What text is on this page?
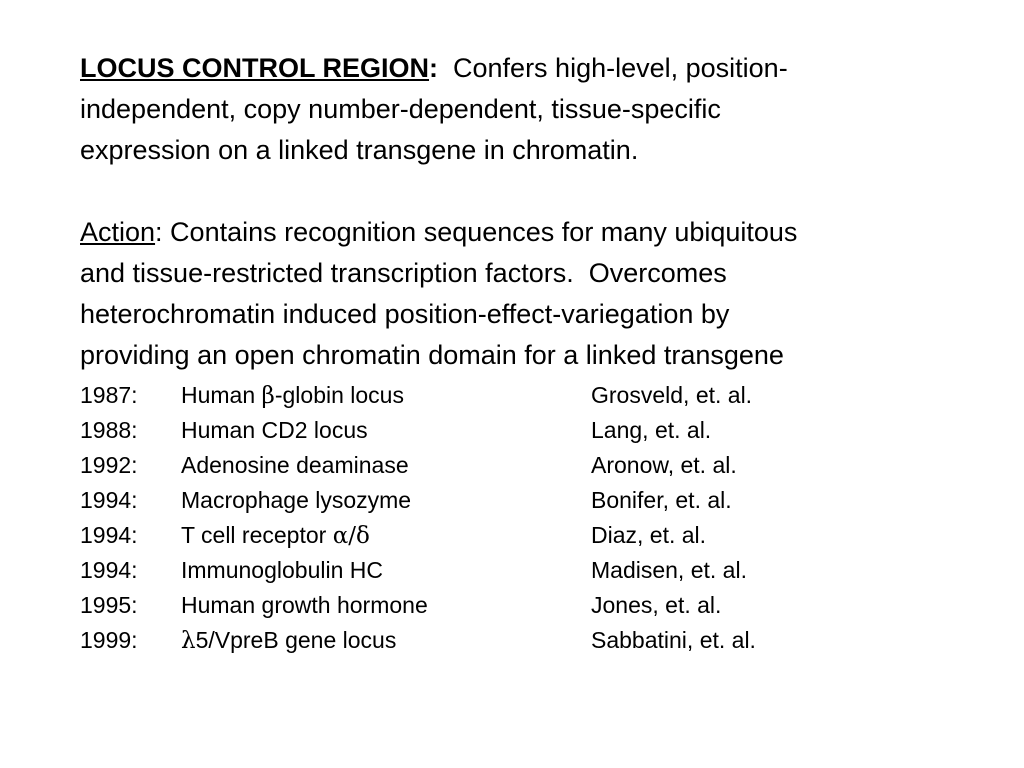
LOCUS CONTROL REGION:  Confers high-level, position-
independent, copy number-dependent, tissue-specific
expression on a linked transgene in chromatin.
Action: Contains recognition sequences for many ubiquitous
and tissue-restricted transcription factors.  Overcomes
heterochromatin induced position-effect-variegation by
providing an open chromatin domain for a linked transgene
1987:	Human β-globin locus	Grosveld, et. al.
1988:	Human CD2 locus	Lang, et. al.
1992:	Adenosine deaminase	Aronow, et. al.
1994:	Macrophage lysozyme	Bonifer, et. al.
1994:	T cell receptor α/δ	Diaz, et. al.
1994:	Immunoglobulin HC	Madisen, et. al.
1995:	Human growth hormone	Jones, et. al.
1999:	λ5/VpreB gene locus	Sabbatini, et. al.
